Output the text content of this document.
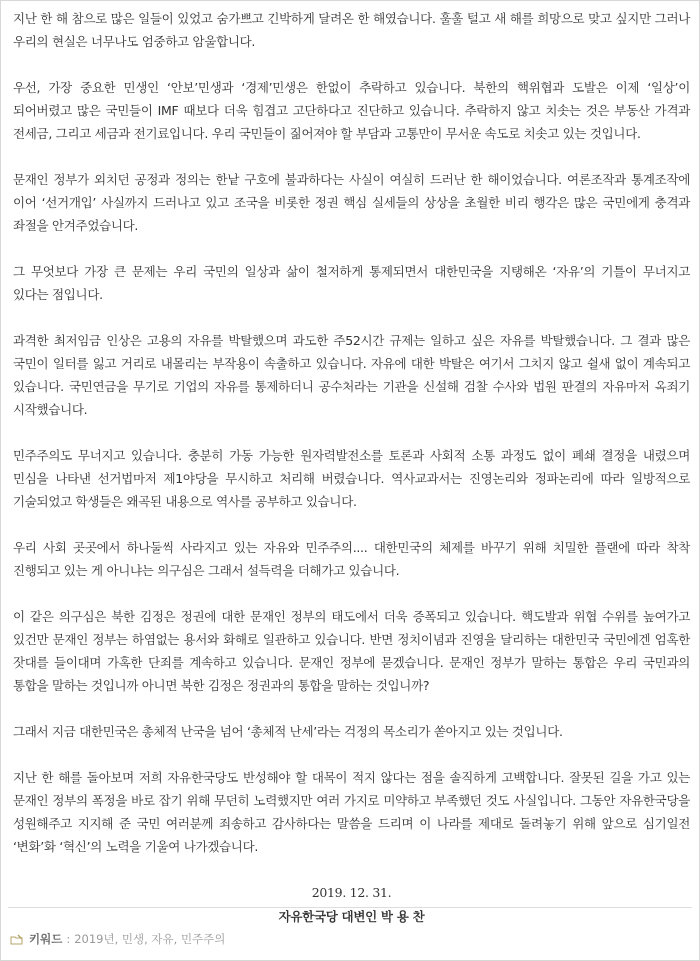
지난 한 해 참으로 많은 일들이 있었고 숨가쁘고 긴박하게 달려온 한 해였습니다. 훌훌 털고 새 해를 희망으로 맞고 싶지만 그러나 우리의 현실은 너무나도 엄중하고 암울합니다.

우선, 가장 중요한 민생인 ‘안보’민생과 ‘경제’민생은 한없이 추락하고 있습니다. 북한의 핵위협과 도발은 이제 ‘일상’이 되어버렸고 많은 국민들이 IMF 때보다 더욱 힘겹고 고단하다고 진단하고 있습니다. 추락하지 않고 치솟는 것은 부동산 가격과 전세금, 그리고 세금과 전기료입니다. 우리 국민들이 짊어져야 할 부담과 고통만이 무서운 속도로 치솟고 있는 것입니다.

문재인 정부가 외치던 공정과 정의는 한낱 구호에 불과하다는 사실이 여실히 드러난 한 해이었습니다. 여론조작과 통계조작에 이어 ‘선거개입’ 사실까지 드러나고 있고 조국을 비롯한 정권 핵심 실세들의 상상을 초월한 비리 행각은 많은 국민에게 충격과 좌절을 안겨주었습니다.

그 무엇보다 가장 큰 문제는 우리 국민의 일상과 삶이 철저하게 통제되면서 대한민국을 지탱해온 ‘자유’의 기틀이 무너지고 있다는 점입니다.

과격한 최저임금 인상은 고용의 자유를 박탈했으며 과도한 주52시간 규제는 일하고 싶은 자유를 박탈했습니다. 그 결과 많은 국민이 일터를 잃고 거리로 내몰리는 부작용이 속출하고 있습니다. 자유에 대한 박탈은 여기서 그치지 않고 쉴새 없이 계속되고 있습니다. 국민연금을 무기로 기업의 자유를 통제하더니 공수처라는 기관을 신설해 검찰 수사와 법원 판결의 자유마저 옥죄기 시작했습니다.

민주주의도 무너지고 있습니다. 충분히 가동 가능한 원자력발전소를 토론과 사회적 소통 과정도 없이 폐쇄 결정을 내렸으며 민심을 나타낸 선거법마저 제1야당을 무시하고 처리해 버렸습니다. 역사교과서는 진영논리와 정파논리에 따라 일방적으로 기술되었고 학생들은 왜곡된 내용으로 역사를 공부하고 있습니다.

우리 사회 곳곳에서 하나둘씩 사라지고 있는 자유와 민주주의.... 대한민국의 체제를 바꾸기 위해 치밀한 플랜에 따라 착착 진행되고 있는 게 아니냐는 의구심은 그래서 설득력을 더해가고 있습니다.

이 같은 의구심은 북한 김정은 정권에 대한 문재인 정부의 태도에서 더욱 증폭되고 있습니다. 핵도발과 위협 수위를 높여가고 있건만 문재인 정부는 하염없는 용서와 화해로 일관하고 있습니다. 반면 정치이념과 진영을 달리하는 대한민국 국민에겐 엄혹한 잣대를 들이대며 가혹한 단죄를 계속하고 있습니다. 문재인 정부에 묻겠습니다. 문재인 정부가 말하는 통합은 우리 국민과의 통합을 말하는 것입니까 아니면 북한 김정은 정권과의 통합을 말하는 것입니까?

그래서 지금 대한민국은 총체적 난국을 넘어 ‘총체적 난세’라는 걱정의 목소리가 쏟아지고 있는 것입니다.

지난 한 해를 돌아보며 저희 자유한국당도 반성해야 할 대목이 적지 않다는 점을 솔직하게 고백합니다. 잘못된 길을 가고 있는 문재인 정부의 폭정을 바로 잡기 위해 무던히 노력했지만 여러 가지로 미약하고 부족했던 것도 사실입니다. 그동안 자유한국당을 성원해주고 지지해 준 국민 여러분께 죄송하고 감사하다는 말씀을 드리며 이 나라를 제대로 돌려놓기 위해 앞으로 심기일전 ‘변화’화 ‘혁신’의 노력을 기울여 나가겠습니다.

2019. 12. 31.
자유한국당 대변인 박 용 찬
키워드 : 2019년, 민생, 자유, 민주주의
